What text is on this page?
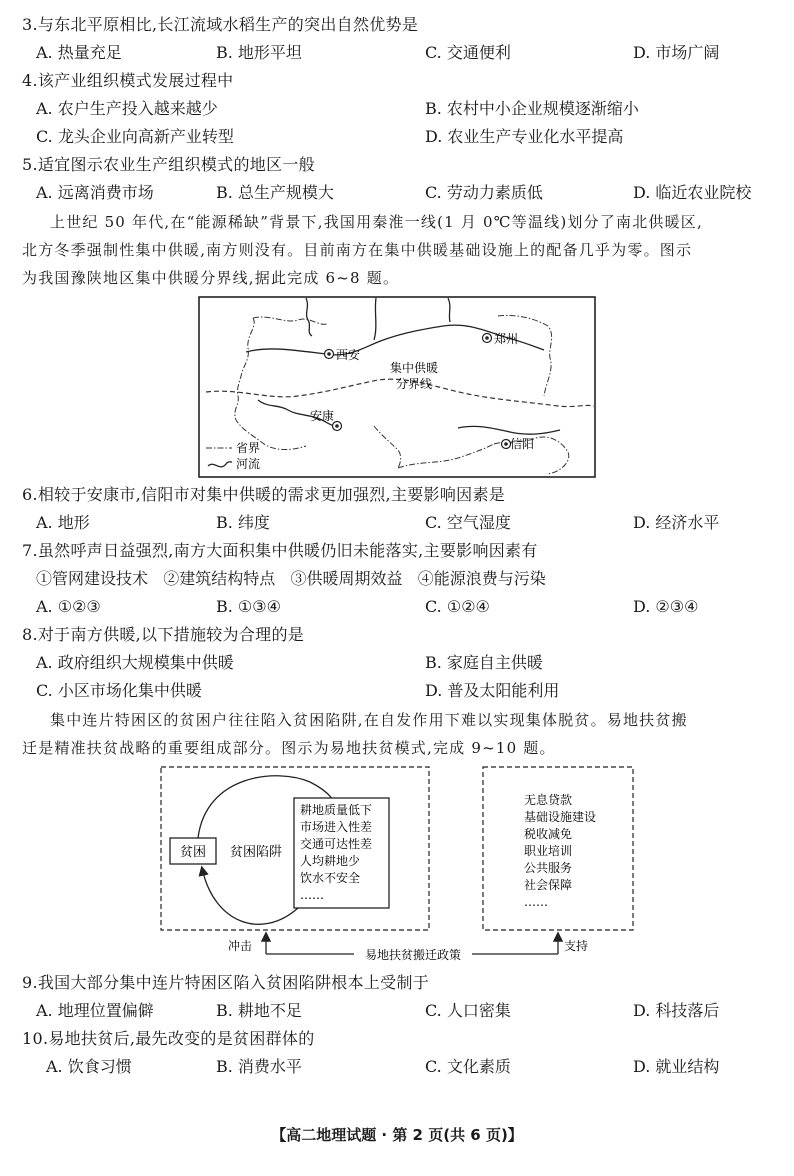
3.与东北平原相比,长江流域水稻生产的突出自然优势是
A. 热量充足	B. 地形平坦	C. 交通便利	D. 市场广阔
4.该产业组织模式发展过程中
A. 农户生产投入越来越少	B. 农村中小企业规模逐渐缩小
C. 龙头企业向高新产业转型	D. 农业生产专业化水平提高
5.适宜图示农业生产组织模式的地区一般
A. 远离消费市场	B. 总生产规模大	C. 劳动力素质低	D. 临近农业院校
上世纪 50 年代,在“能源稀缺”背景下,我国用秦淮一线(1 月 0℃等温线)划分了南北供暖区,
北方冬季强制性集中供暖,南方则没有。目前南方在集中供暖基础设施上的配备几乎为零。图示
为我国豫陕地区集中供暖分界线,据此完成 6~8 题。
西安
郑州
安康
信阳
集中供暖
分界线
省界
河流
6.相较于安康市,信阳市对集中供暖的需求更加强烈,主要影响因素是
A. 地形	B. 纬度	C. 空气湿度	D. 经济水平
7.虽然呼声日益强烈,南方大面积集中供暖仍旧未能落实,主要影响因素有
①管网建设技术   ②建筑结构特点   ③供暖周期效益   ④能源浪费与污染
A. ①②③	B. ①③④	C. ①②④	D. ②③④
8.对于南方供暖,以下措施较为合理的是
A. 政府组织大规模集中供暖	B. 家庭自主供暖
C. 小区市场化集中供暖	D. 普及太阳能利用
集中连片特困区的贫困户往往陷入贫困陷阱,在自发作用下难以实现集体脱贫。易地扶贫搬
迁是精准扶贫战略的重要组成部分。图示为易地扶贫模式,完成 9~10 题。
贫困 贫困陷阱
耕地质量低下
市场进入性差
交通可达性差
人均耕地少
饮水不安全
……
无息贷款
基础设施建设
税收减免
职业培训
公共服务
社会保障
……
易地扶贫搬迁政策
冲击	支持
9.我国大部分集中连片特困区陷入贫困陷阱根本上受制于
A. 地理位置偏僻	B. 耕地不足	C. 人口密集	D. 科技落后
10.易地扶贫后,最先改变的是贫困群体的
A. 饮食习惯	B. 消费水平	C. 文化素质	D. 就业结构
【高二地理试题 · 第 2 页(共 6 页)】
